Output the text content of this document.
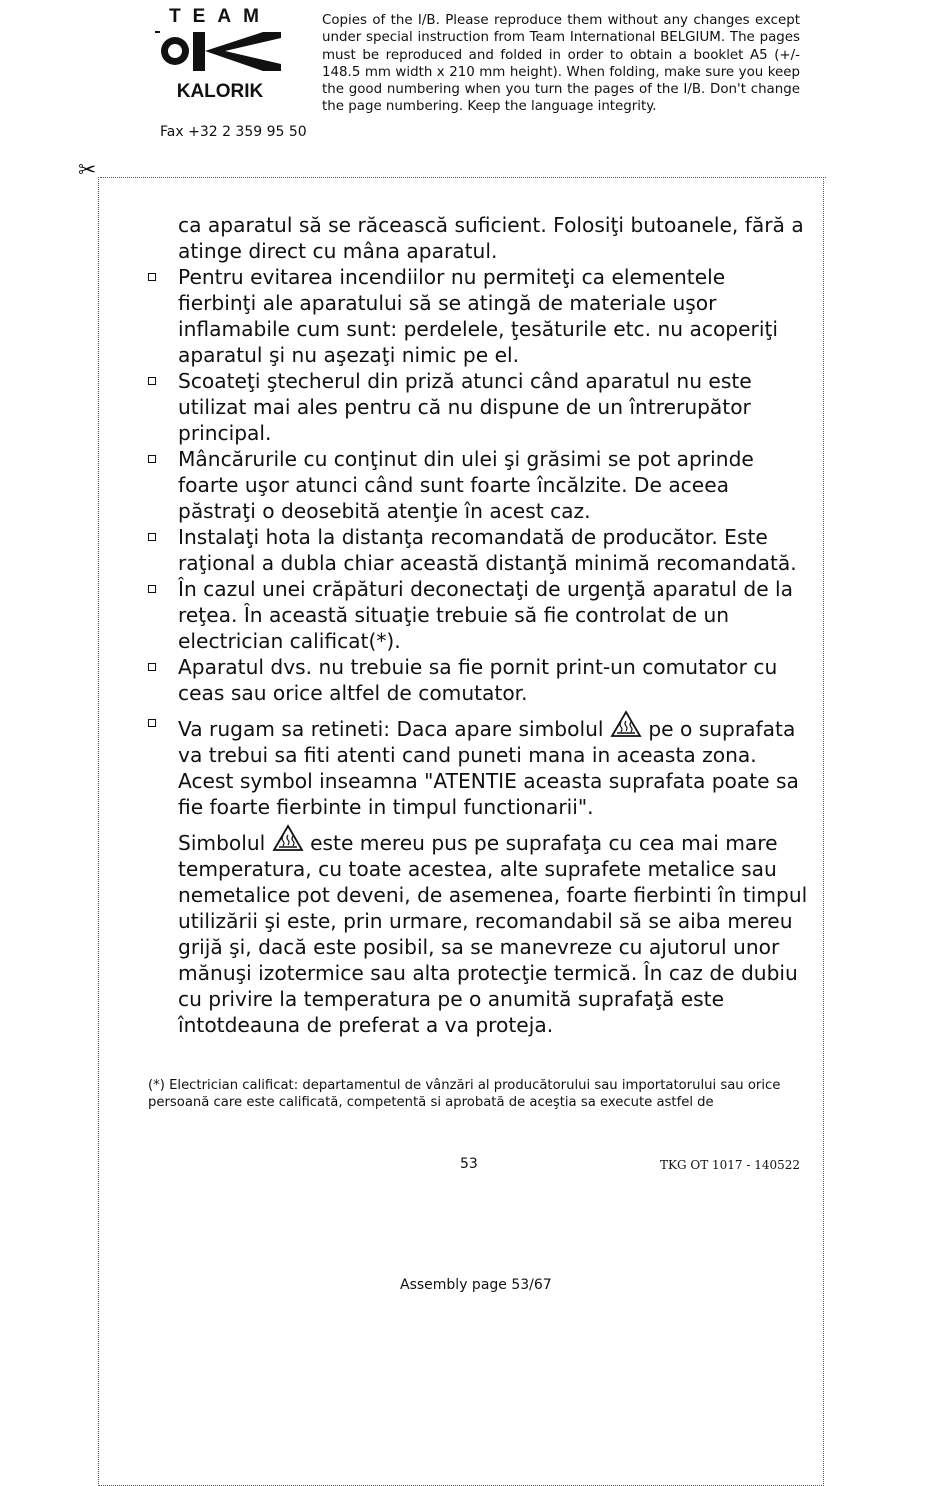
TEAM
KALORIK
Fax +32 2 359 95 50
Copies of the I/B. Please reproduce them without any changes except under special instruction from Team International BELGIUM. The pages must be reproduced and folded in order to obtain a booklet A5 (+/- 148.5 mm width x 210 mm height). When folding, make sure you keep the good numbering when you turn the pages of the I/B. Don't change the page numbering. Keep the language integrity.
✂

ca aparatul să se răcească suficient. Folosiţi butoanele, fără a atinge direct cu mâna aparatul.

Pentru evitarea incendiilor nu permiteţi ca elementele fierbinţi ale aparatului să se atingă de materiale uşor inflamabile cum sunt: perdelele, ţesăturile etc. nu acoperiţi aparatul şi nu aşezaţi nimic pe el.

Scoateţi ştecherul din priză atunci când aparatul nu este utilizat mai ales pentru că nu dispune de un întrerupător principal.

Mâncărurile cu conţinut din ulei şi grăsimi se pot aprinde foarte uşor atunci când sunt foarte încălzite. De aceea păstraţi o deosebită atenţie în acest caz.

Instalaţi hota la distanţa recomandată de producător. Este raţional a dubla chiar această distanţă minimă recomandată.

În cazul unei crăpături deconectaţi de urgenţă aparatul de la reţea. În această situaţie trebuie să fie controlat de un electrician calificat(*).

Aparatul dvs. nu trebuie sa fie pornit print-un comutator cu ceas sau orice altfel de comutator.

Va rugam sa retineti: Daca apare simbolul pe o suprafata va trebui sa fiti atenti cand puneti mana in aceasta zona. Acest symbol inseamna "ATENTIE aceasta suprafata poate sa fie foarte fierbinte in timpul functionarii".

Simbolul este mereu pus pe suprafaţa cu cea mai mare temperatura, cu toate acestea, alte suprafete metalice sau nemetalice pot deveni, de asemenea, foarte fierbinti în timpul utilizării şi este, prin urmare, recomandabil să se aiba mereu grijă şi, dacă este posibil, sa se manevreze cu ajutorul unor mănuşi izotermice sau alta protecţie termică. În caz de dubiu cu privire la temperatura pe o anumită suprafaţă este întotdeauna de preferat a va proteja.

(*) Electrician calificat: departamentul de vânzări al producătorului sau importatorului sau orice persoană care este calificată, competentă si aprobată de aceştia sa execute astfel de
53	TKG OT 1017 - 140522
Assembly page 53/67
